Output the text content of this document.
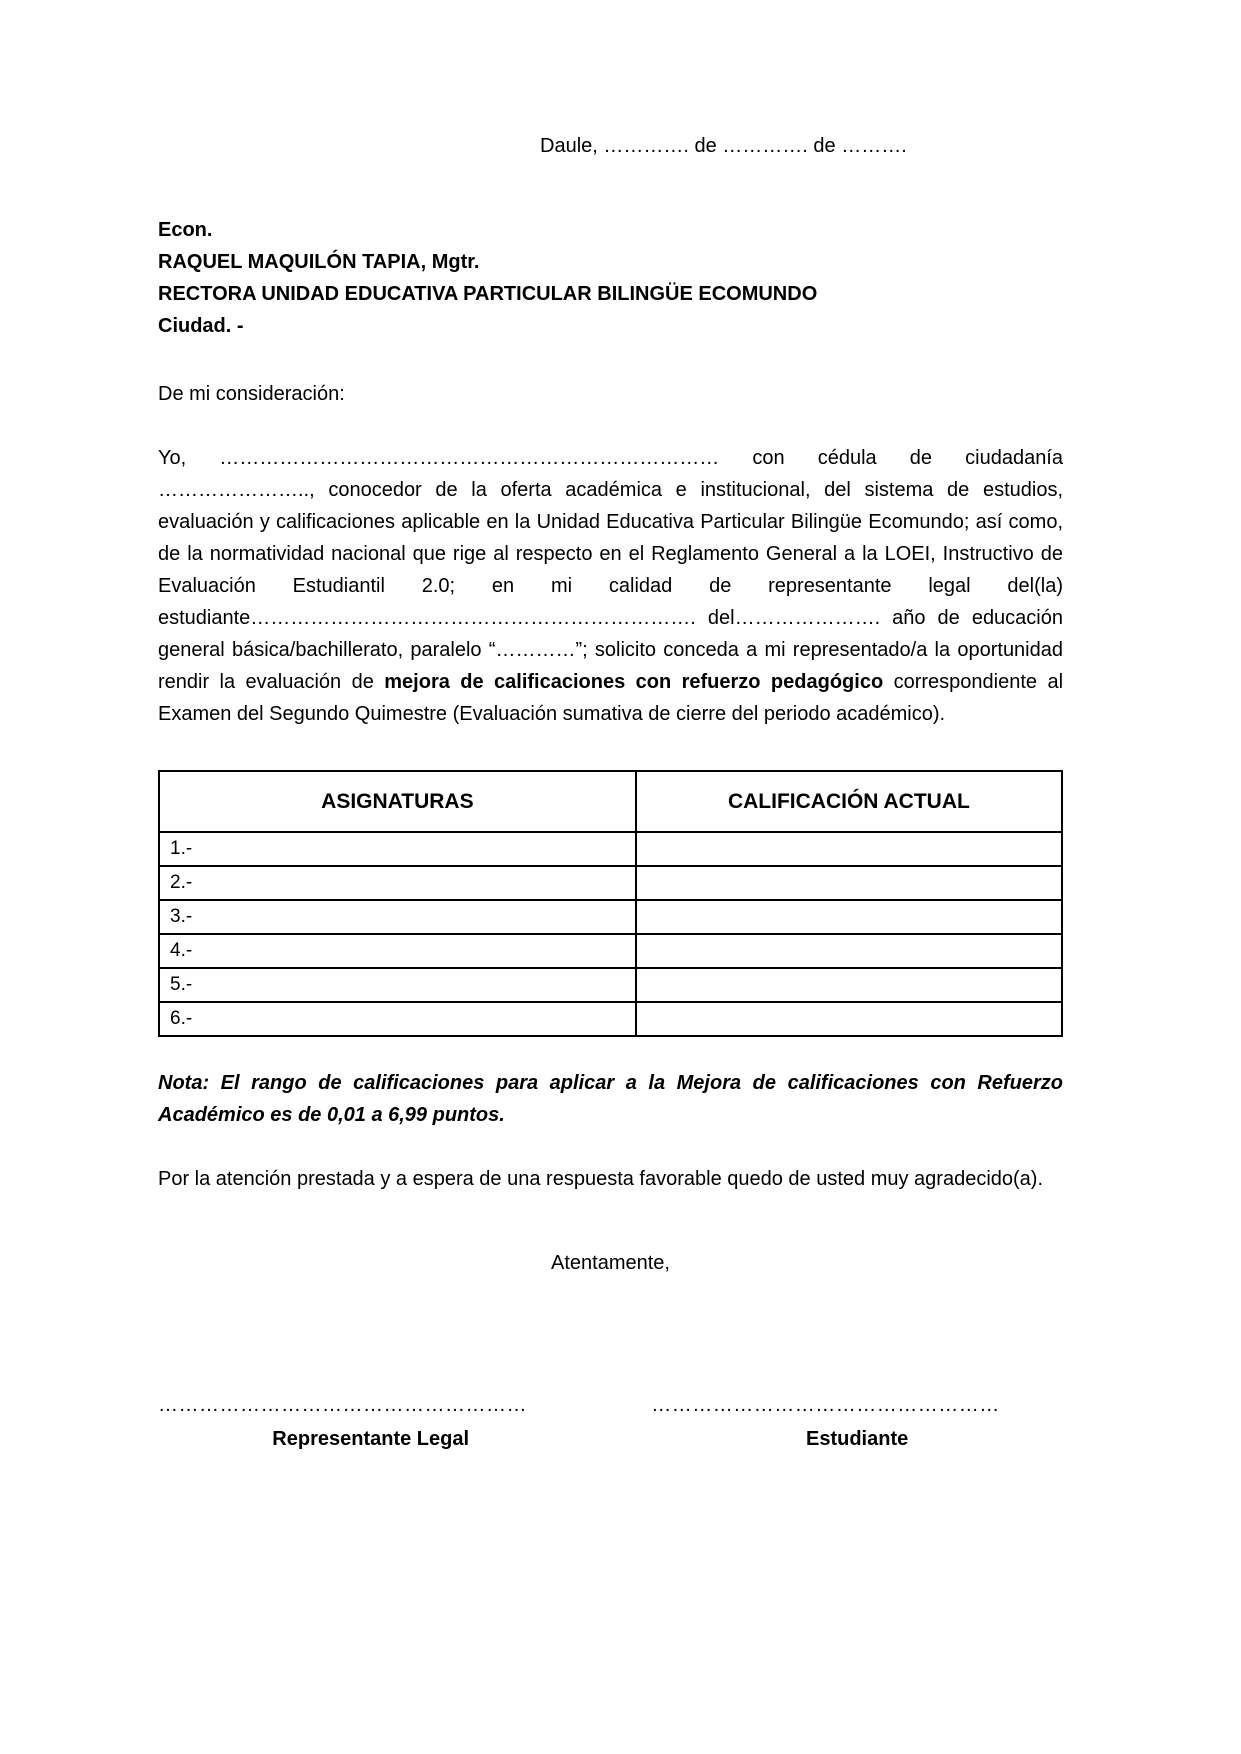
Daule, …………. de …………. de ……….
Econ.
RAQUEL MAQUILÓN TAPIA, Mgtr.
RECTORA UNIDAD EDUCATIVA PARTICULAR BILINGÜE ECOMUNDO
Ciudad. -
De mi consideración:

Yo, ………………………………………………………………… con cédula de ciudadanía ………………….., conocedor de la oferta académica e institucional, del sistema de estudios, evaluación y calificaciones aplicable en la Unidad Educativa Particular Bilingüe Ecomundo; así como, de la normatividad nacional que rige al respecto en el Reglamento General a la LOEI, Instructivo de Evaluación Estudiantil 2.0; en mi calidad de representante legal del(la) estudiante…………………………………………………………. del…………………. año de educación general básica/bachillerato, paralelo “…………”; solicito conceda a mi representado/a la oportunidad rendir la evaluación de mejora de calificaciones con refuerzo pedagógico correspondiente al Examen del Segundo Quimestre (Evaluación sumativa de cierre del periodo académico).

ASIGNATURAS	CALIFICACIÓN ACTUAL
1.-	
2.-	
3.-	
4.-	
5.-	
6.-	

Nota: El rango de calificaciones para aplicar a la Mejora de calificaciones con Refuerzo Académico es de 0,01 a 6,99 puntos.

Por la atención prestada y a espera de una respuesta favorable quedo de usted muy agradecido(a).

Atentamente,
………………………………………………
Representante Legal
……………………………………………
Estudiante
